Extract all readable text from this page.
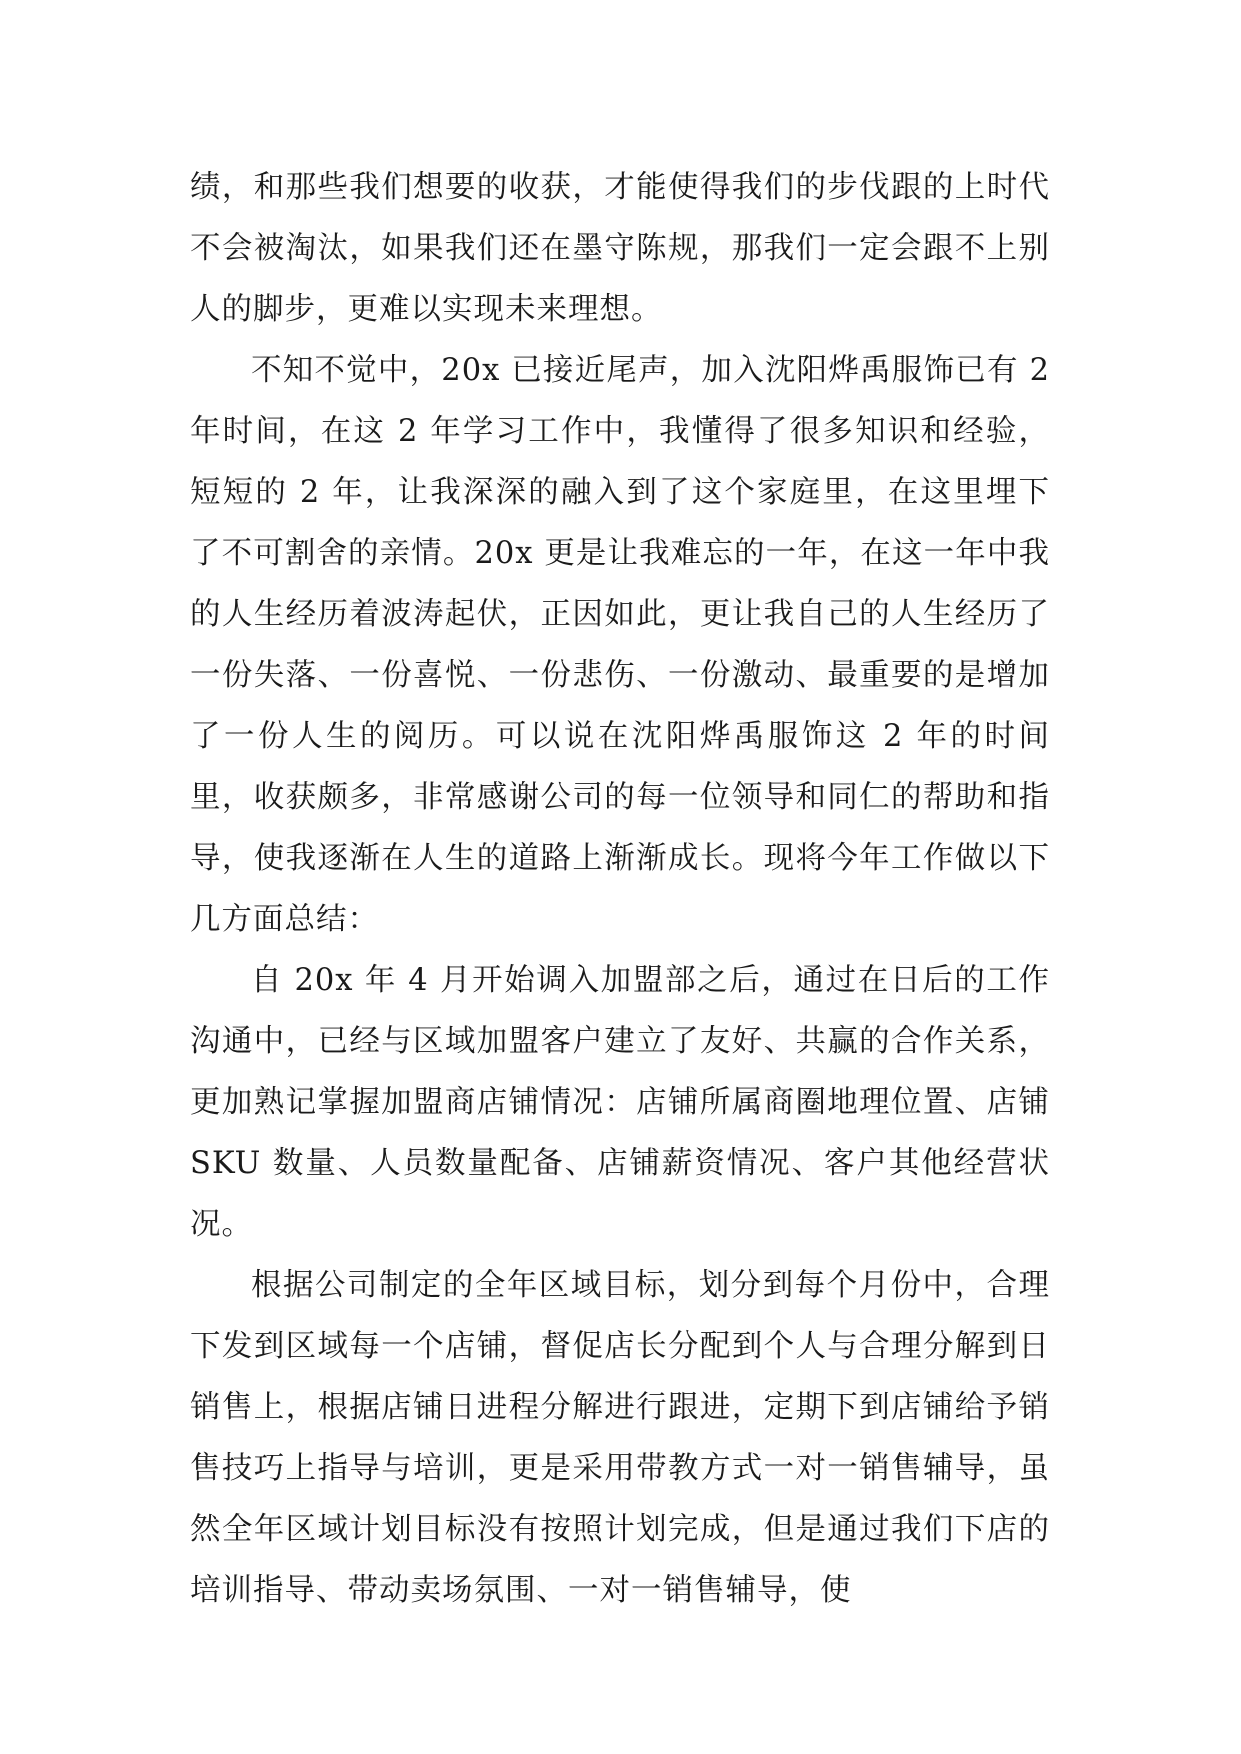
绩，和那些我们想要的收获，才能使得我们的步伐跟的上时代不会被淘汰，如果我们还在墨守陈规，那我们一定会跟不上别人的脚步，更难以实现未来理想。

不知不觉中，20x 已接近尾声，加入沈阳烨禹服饰已有 2 年时间，在这 2 年学习工作中，我懂得了很多知识和经验，短短的 2 年，让我深深的融入到了这个家庭里，在这里埋下了不可割舍的亲情。20x 更是让我难忘的一年，在这一年中我的人生经历着波涛起伏，正因如此，更让我自己的人生经历了一份失落、一份喜悦、一份悲伤、一份激动、最重要的是增加了一份人生的阅历。可以说在沈阳烨禹服饰这 2 年的时间里，收获颇多，非常感谢公司的每一位领导和同仁的帮助和指导，使我逐渐在人生的道路上渐渐成长。现将今年工作做以下几方面总结：

自 20x 年 4 月开始调入加盟部之后，通过在日后的工作沟通中，已经与区域加盟客户建立了友好、共赢的合作关系，更加熟记掌握加盟商店铺情况：店铺所属商圈地理位置、店铺 SKU 数量、人员数量配备、店铺薪资情况、客户其他经营状况。

根据公司制定的全年区域目标，划分到每个月份中，合理下发到区域每一个店铺，督促店长分配到个人与合理分解到日销售上，根据店铺日进程分解进行跟进，定期下到店铺给予销售技巧上指导与培训，更是采用带教方式一对一销售辅导，虽然全年区域计划目标没有按照计划完成，但是通过我们下店的培训指导、带动卖场氛围、一对一销售辅导，使
